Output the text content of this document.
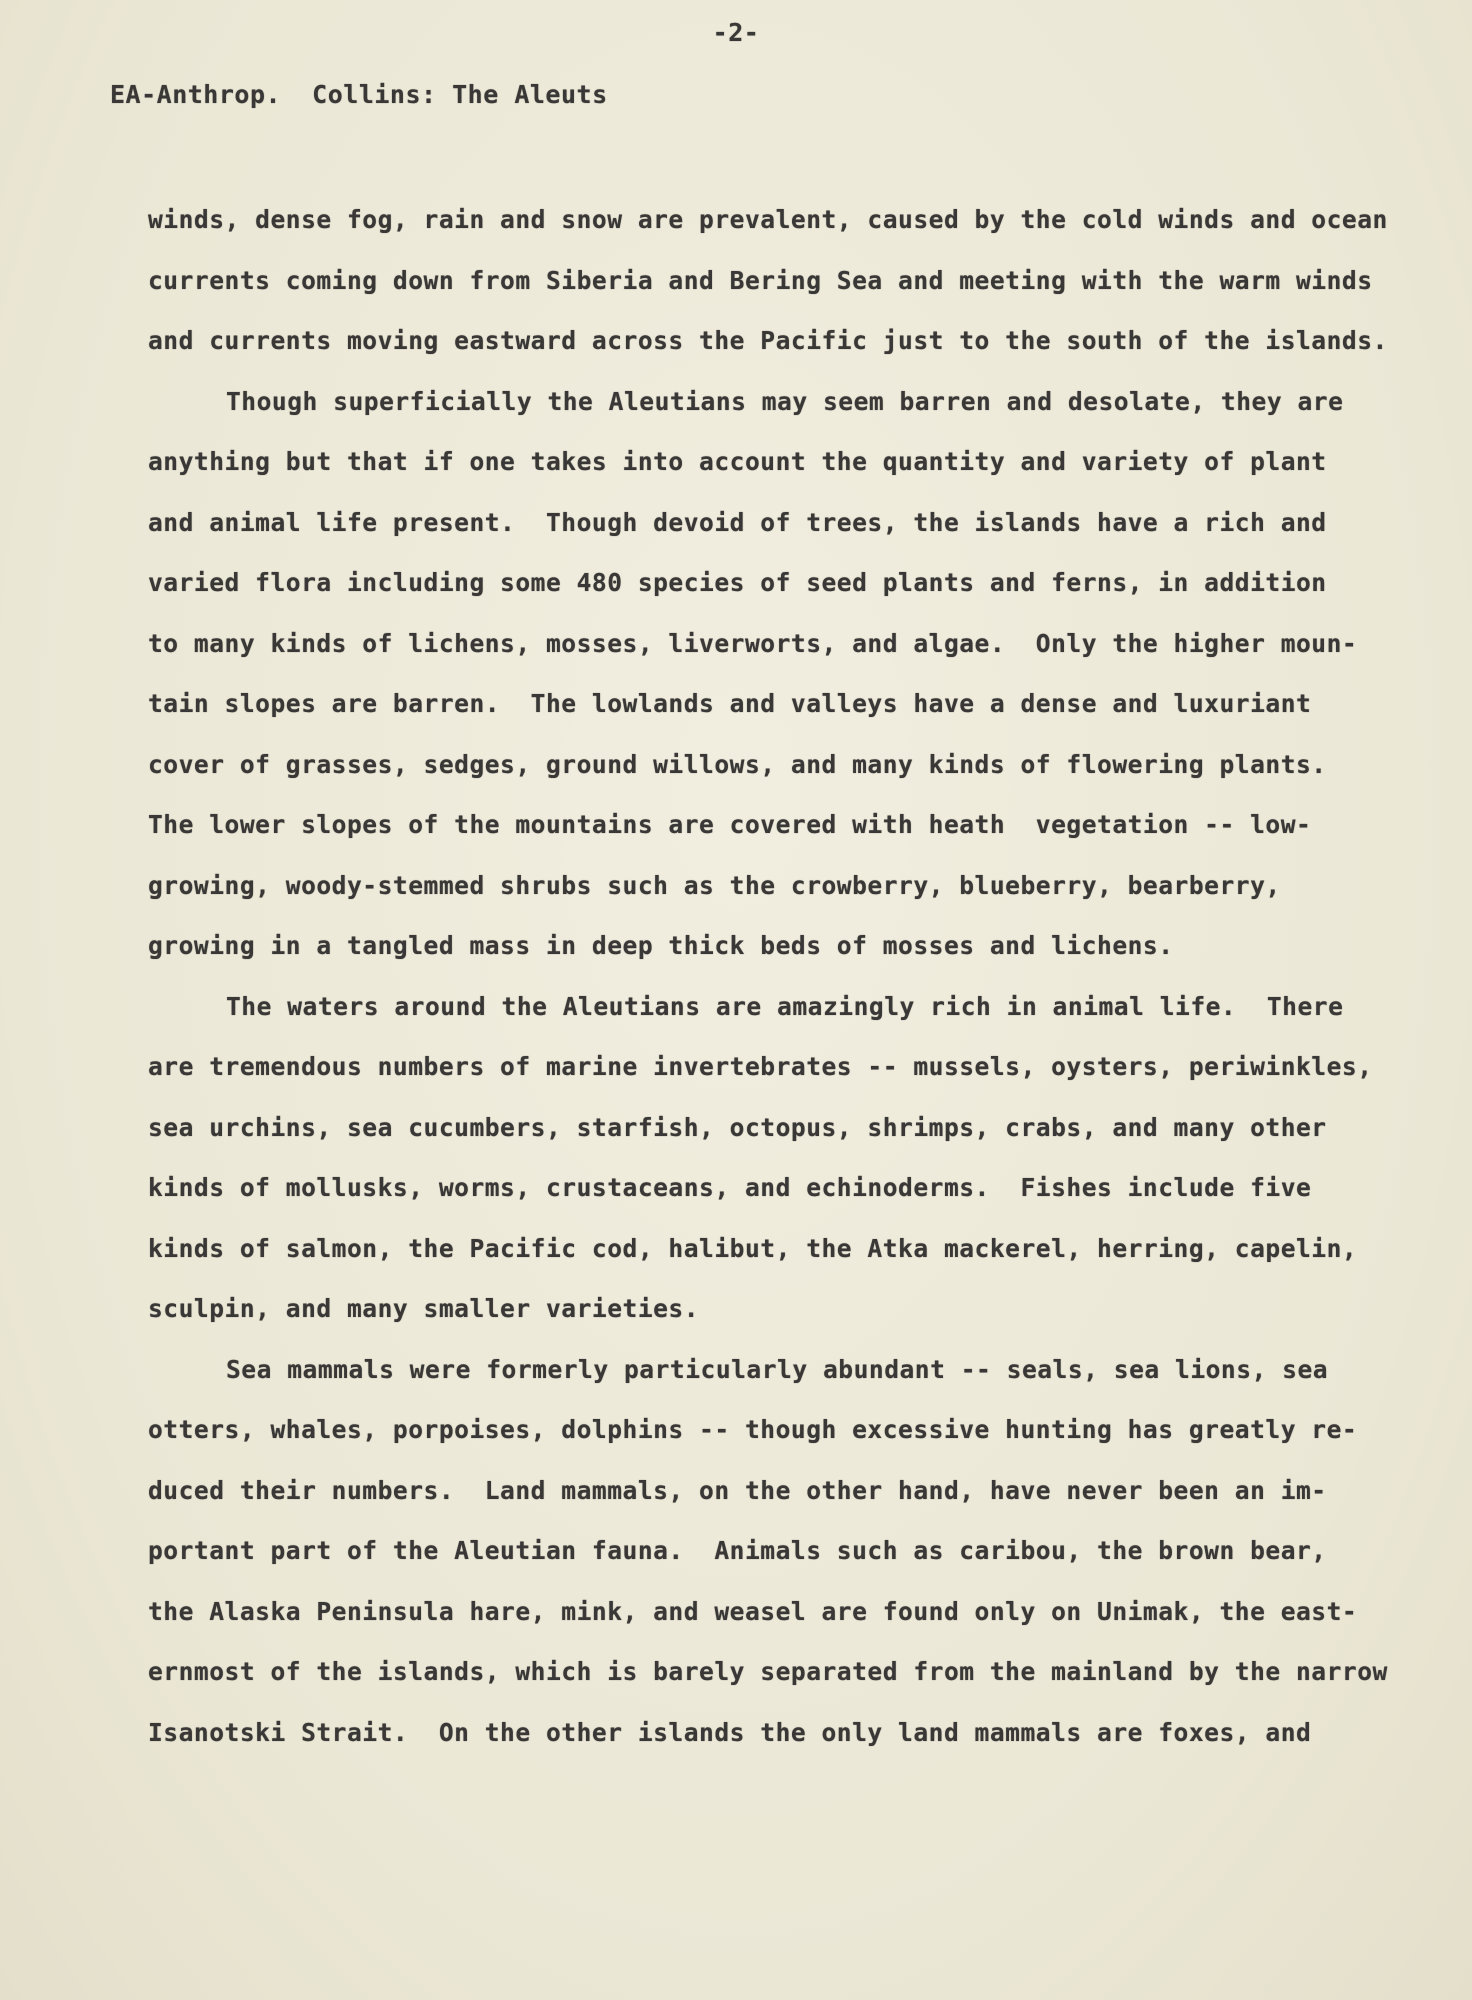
-2-
EA-Anthrop.  Collins: The Aleuts
winds, dense fog, rain and snow are prevalent, caused by the cold winds and ocean
currents coming down from Siberia and Bering Sea and meeting with the warm winds
and currents moving eastward across the Pacific just to the south of the islands.
Though superficially the Aleutians may seem barren and desolate, they are
anything but that if one takes into account the quantity and variety of plant
and animal life present.  Though devoid of trees, the islands have a rich and
varied flora including some 480 species of seed plants and ferns, in addition
to many kinds of lichens, mosses, liverworts, and algae.  Only the higher moun-
tain slopes are barren.  The lowlands and valleys have a dense and luxuriant
cover of grasses, sedges, ground willows, and many kinds of flowering plants.
The lower slopes of the mountains are covered with heath  vegetation -- low-
growing, woody-stemmed shrubs such as the crowberry, blueberry, bearberry,
growing in a tangled mass in deep thick beds of mosses and lichens.
The waters around the Aleutians are amazingly rich in animal life.  There
are tremendous numbers of marine invertebrates -- mussels, oysters, periwinkles,
sea urchins, sea cucumbers, starfish, octopus, shrimps, crabs, and many other
kinds of mollusks, worms, crustaceans, and echinoderms.  Fishes include five
kinds of salmon, the Pacific cod, halibut, the Atka mackerel, herring, capelin,
sculpin, and many smaller varieties.
Sea mammals were formerly particularly abundant -- seals, sea lions, sea
otters, whales, porpoises, dolphins -- though excessive hunting has greatly re-
duced their numbers.  Land mammals, on the other hand, have never been an im-
portant part of the Aleutian fauna.  Animals such as caribou, the brown bear,
the Alaska Peninsula hare, mink, and weasel are found only on Unimak, the east-
ernmost of the islands, which is barely separated from the mainland by the narrow
Isanotski Strait.  On the other islands the only land mammals are foxes, and
